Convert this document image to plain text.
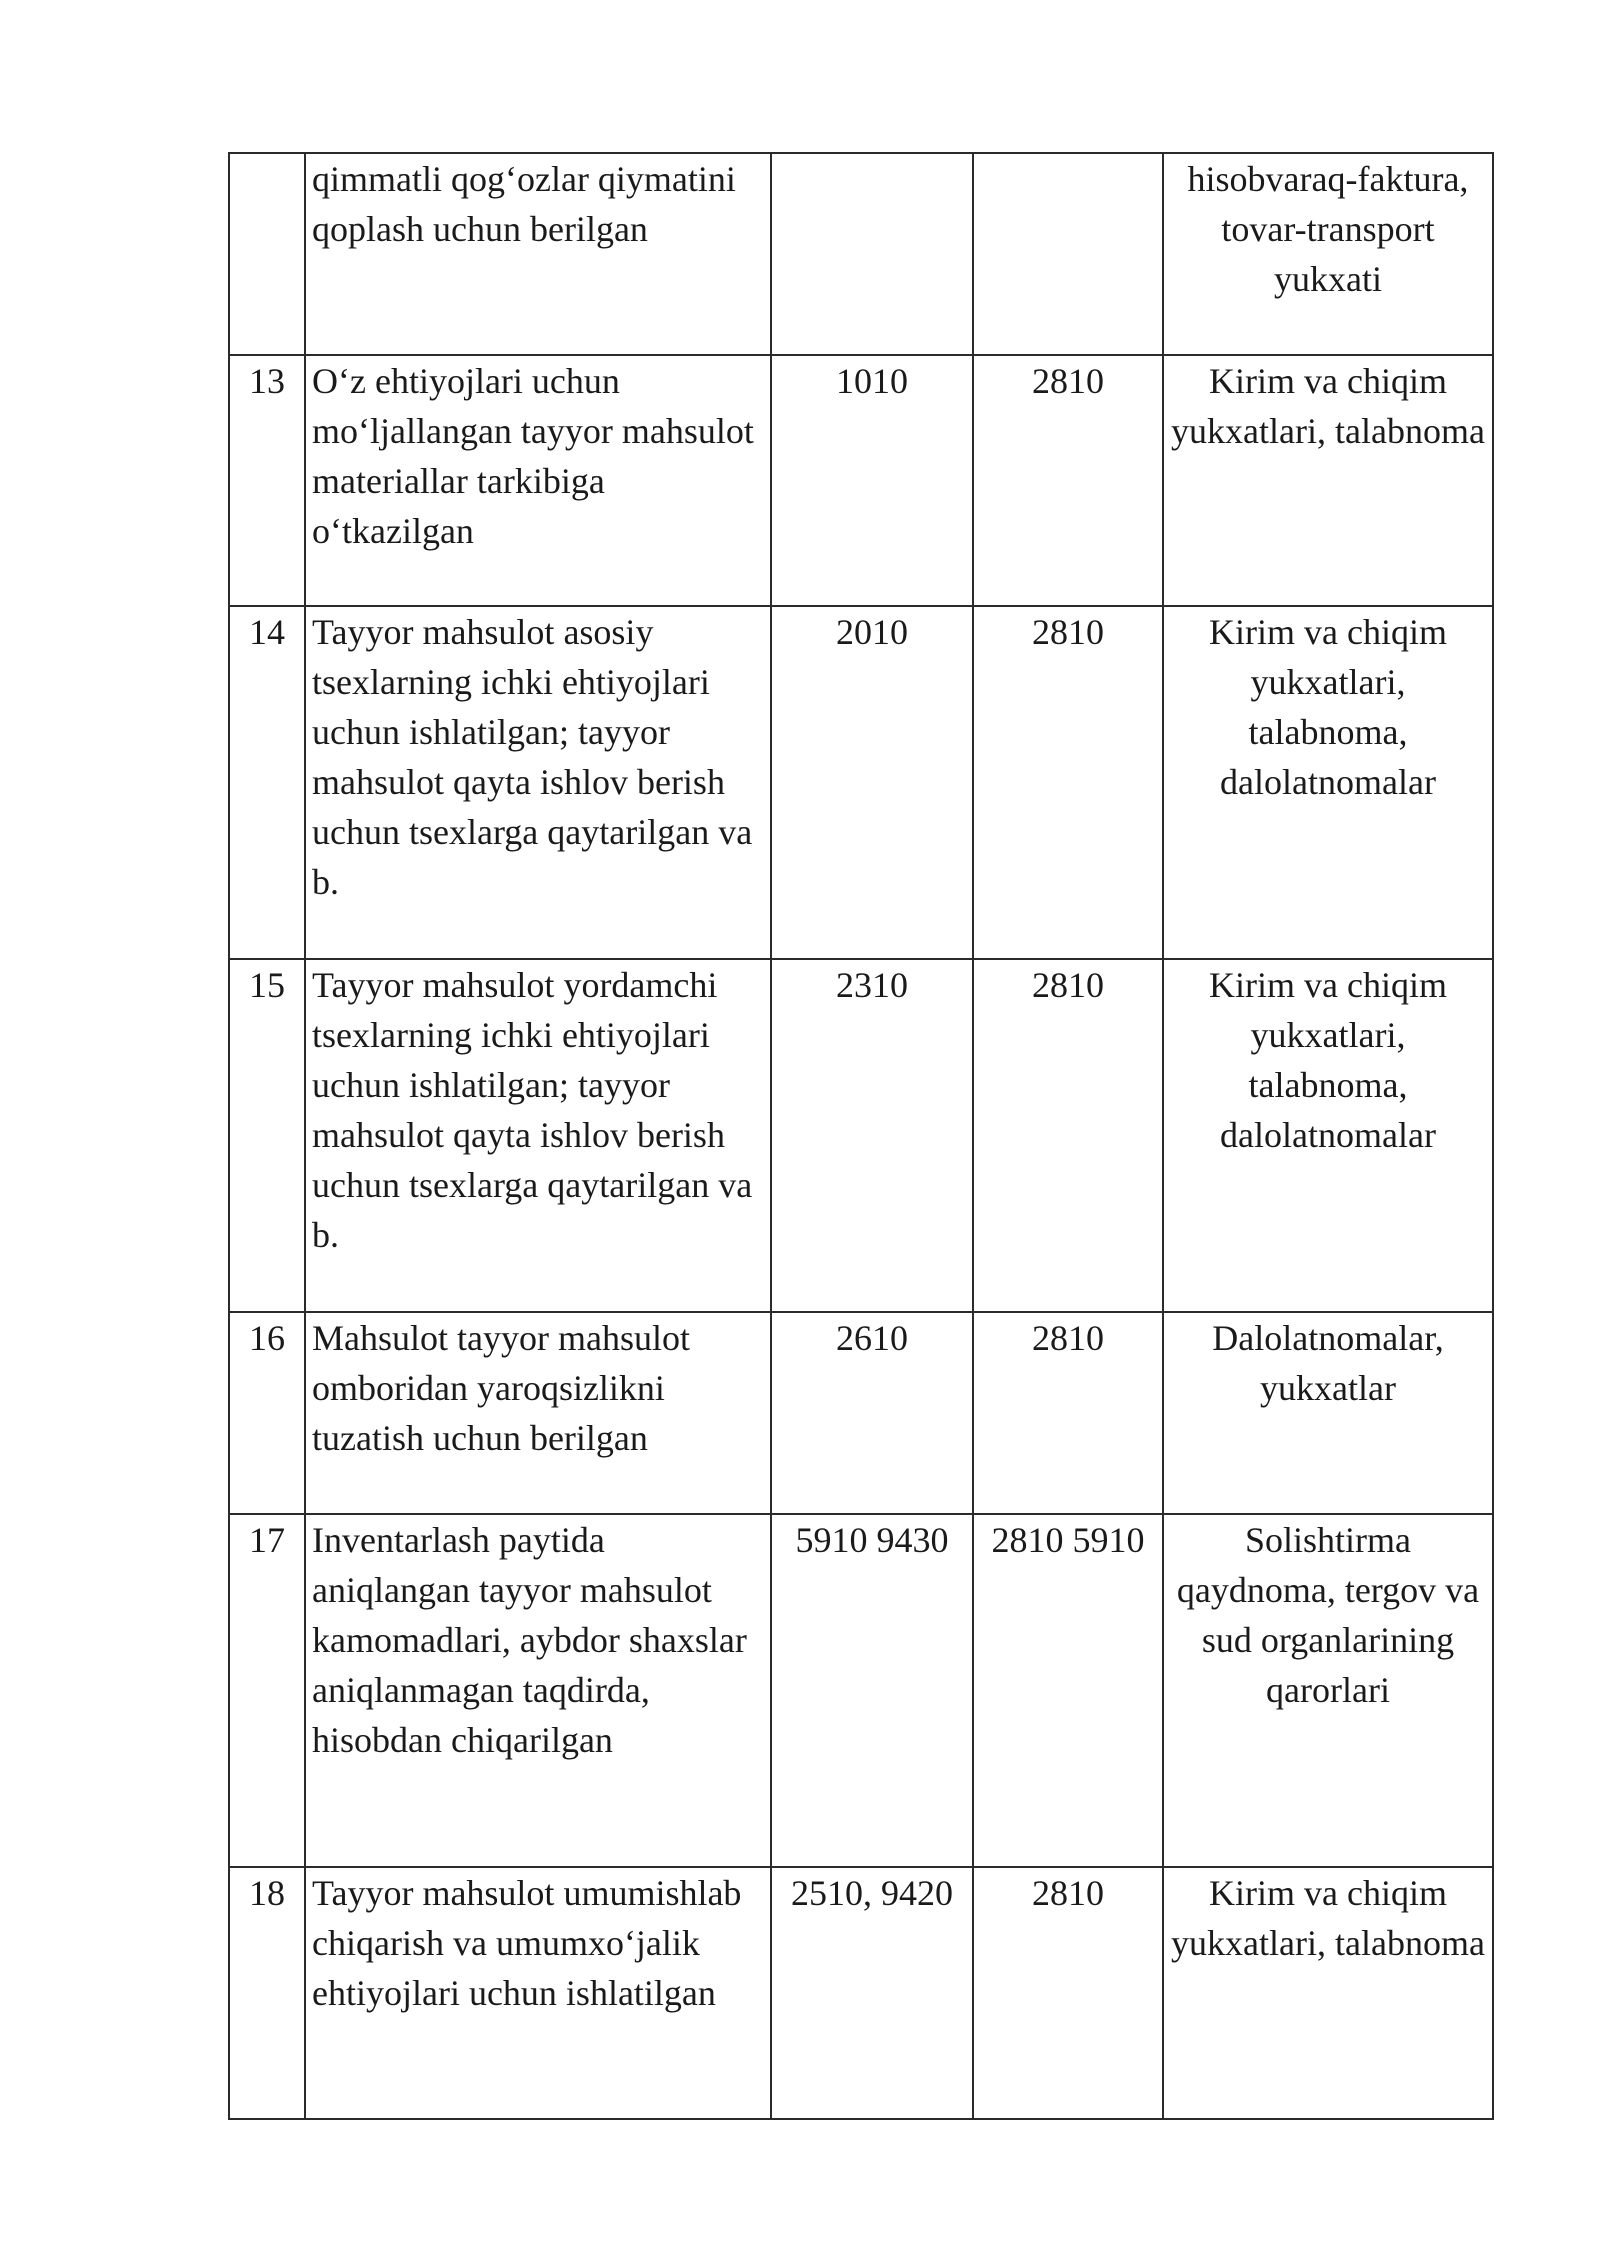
	qimmatli qog‘ozlar qiymatini qoplash uchun berilgan			hisobvaraq-faktura, tovar-transport yukxati

13	O‘z ehtiyojlari uchun mo‘ljallangan tayyor mahsulot materiallar tarkibiga o‘tkazilgan	1010	2810	Kirim va chiqim yukxatlari, talabnoma

14	Tayyor mahsulot asosiy tsexlarning ichki ehtiyojlari uchun ishlatilgan; tayyor mahsulot qayta ishlov berish uchun tsexlarga qaytarilgan va b.	2010	2810	Kirim va chiqim yukxatlari, talabnoma, dalolatnomalar

15	Tayyor mahsulot yordamchi tsexlarning ichki ehtiyojlari uchun ishlatilgan; tayyor mahsulot qayta ishlov berish uchun tsexlarga qaytarilgan va b.	2310	2810	Kirim va chiqim yukxatlari, talabnoma, dalolatnomalar

16	Mahsulot tayyor mahsulot omboridan yaroqsizlikni tuzatish uchun berilgan	2610	2810	Dalolatnomalar, yukxatlar

17	Inventarlash paytida aniqlangan tayyor mahsulot kamomadlari, aybdor shaxslar aniqlanmagan taqdirda, hisobdan chiqarilgan	5910 9430	2810 5910	Solishtirma qaydnoma, tergov va sud organlarining qarorlari

18	Tayyor mahsulot umumishlab chiqarish va umumxo‘jalik ehtiyojlari uchun ishlatilgan	2510, 9420	2810	Kirim va chiqim yukxatlari, talabnoma
